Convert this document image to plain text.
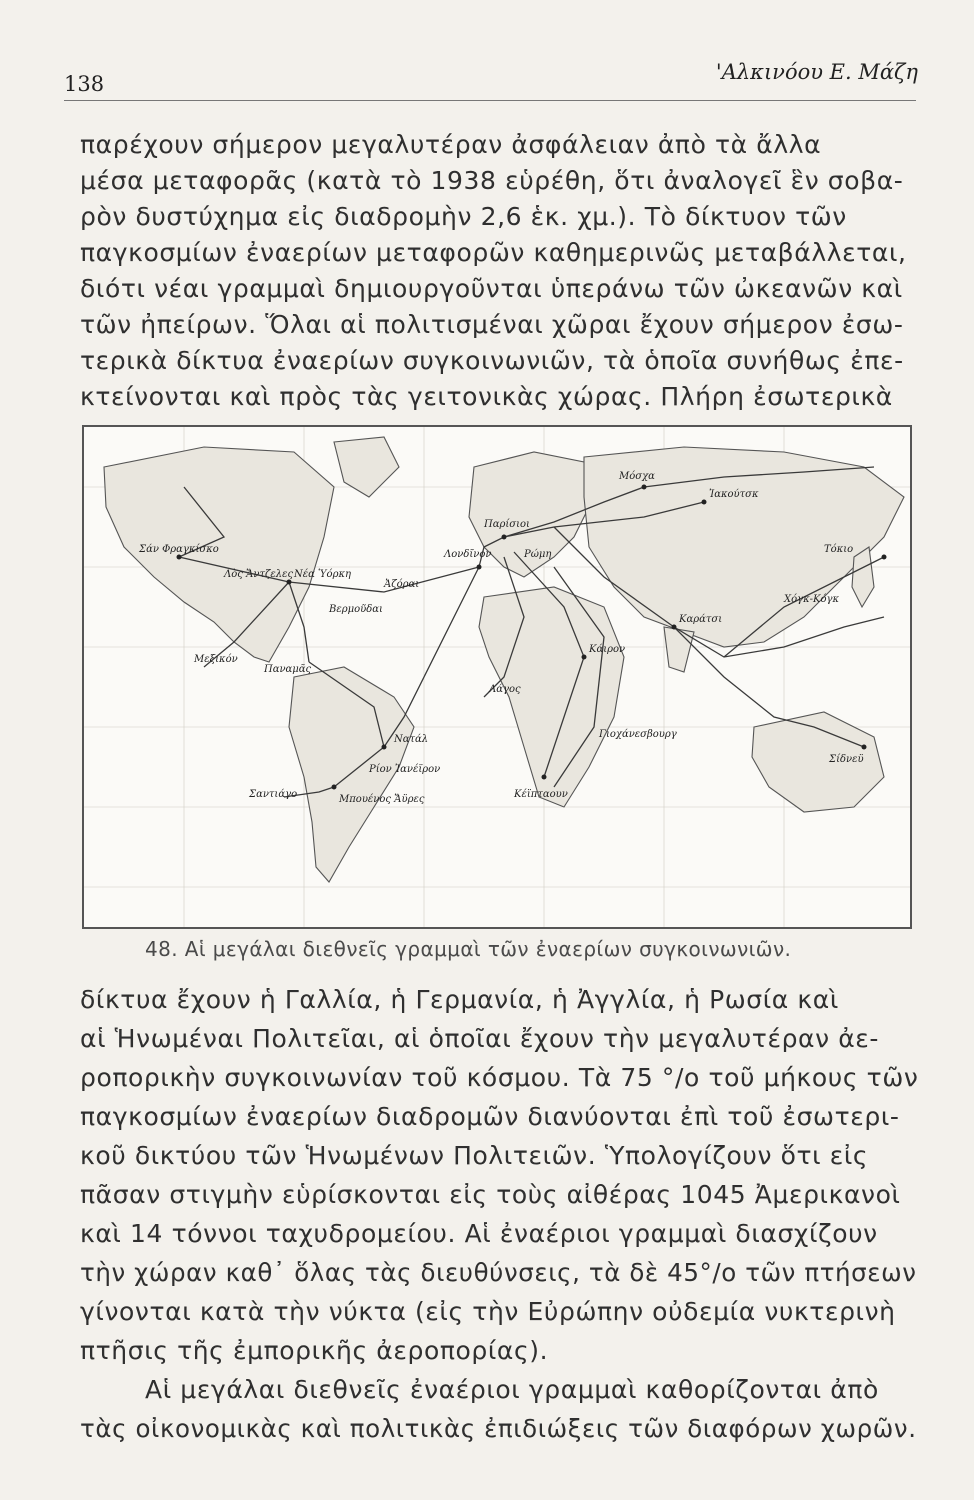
138	'Αλκινόου Ε. Μάζη
παρέχουν σήμερον μεγαλυτέραν ἀσφάλειαν ἀπὸ τὰ ἄλλα
μέσα μεταφορᾶς (κατὰ τὸ 1938 εὑρέθη, ὅτι ἀναλογεῖ ἓν σοβα-
ρὸν δυστύχημα εἰς διαδρομὴν 2,6 ἑκ. χμ.). Τὸ δίκτυον τῶν
παγκοσμίων ἐναερίων μεταφορῶν καθημερινῶς μεταβάλλεται,
διότι νέαι γραμμαὶ δημιουργοῦνται ὑπεράνω τῶν ὠκεανῶν καὶ
τῶν ἠπείρων. Ὅλαι αἱ πολιτισμέναι χῶραι ἔχουν σήμερον ἐσω-
τερικὰ δίκτυα ἐναερίων συγκοινωνιῶν, τὰ ὁποῖα συνήθως ἐπε-
κτείνονται καὶ πρὸς τὰς γειτονικὰς χώρας. Πλήρη ἐσωτερικὰ
Σάν Φραγκίσκο
Λὸς Ἄντζελες Νέα Ὑόρκη
Ἀζόραι
Βερμοῦδαι
Μεξικόν
Παναμᾶς
Νατάλ
Ρίον Ἰανέϊρον
Μπουένος Ἄϋρες
Σαντιάγο
Λονδῖνον
Παρίσιοι
Ρώμη
Μόσχα
Κάιρον
Λάγος
Κέϊπταουν
Γιοχάνεσβουργ
Καράτσι
Ἰακούτσκ
Τόκιο
Χόγκ-Κόγκ
Σίδνεϋ
48. Αἱ μεγάλαι διεθνεῖς γραμμαὶ τῶν ἐναερίων συγκοινωνιῶν.
δίκτυα ἔχουν ἡ Γαλλία, ἡ Γερμανία, ἡ Ἀγγλία, ἡ Ρωσία καὶ
αἱ Ἡνωμέναι Πολιτεῖαι, αἱ ὁποῖαι ἔχουν τὴν μεγαλυτέραν ἀε-
ροπορικὴν συγκοινωνίαν τοῦ κόσμου. Τὰ 75 °/ο τοῦ μήκους τῶν
παγκοσμίων ἐναερίων διαδρομῶν διανύονται ἐπὶ τοῦ ἐσωτερι-
κοῦ δικτύου τῶν Ἡνωμένων Πολιτειῶν. Ὑπολογίζουν ὅτι εἰς
πᾶσαν στιγμὴν εὑρίσκονται εἰς τοὺς αἰθέρας 1045 Ἀμερικανοὶ
καὶ 14 τόννοι ταχυδρομείου. Αἱ ἐναέριοι γραμμαὶ διασχίζουν
τὴν χώραν καθ᾽ ὅλας τὰς διευθύνσεις, τὰ δὲ 45°/ο τῶν πτήσεων
γίνονται κατὰ τὴν νύκτα (εἰς τὴν Εὐρώπην οὐδεμία νυκτερινὴ
πτῆσις τῆς ἐμπορικῆς ἀεροπορίας).
Αἱ μεγάλαι διεθνεῖς ἐναέριοι γραμμαὶ καθορίζονται ἀπὸ
τὰς οἰκονομικὰς καὶ πολιτικὰς ἐπιδιώξεις τῶν διαφόρων χωρῶν.
